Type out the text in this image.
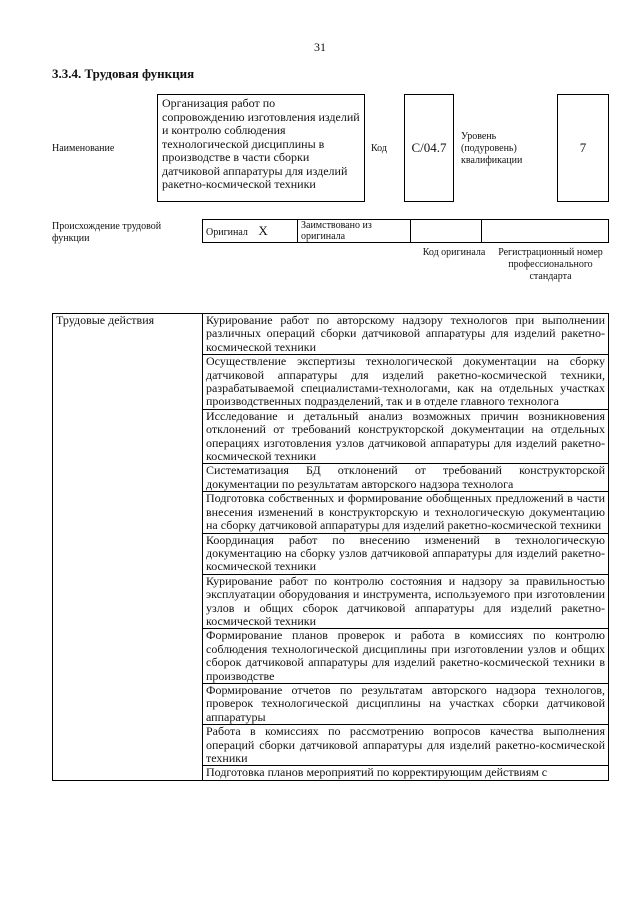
31
3.3.4. Трудовая функция
Наименование
Организация работ по сопровождению изготовления изделий и контролю соблюдения технологической дисциплины в производстве в части сборки датчиковой аппаратуры для изделий ракетно-космической техники
Код С/04.7
Уровень (подуровень) квалификации
7
Происхождение трудовой функции
Оригинал X	Заимствовано из оригинала		
Код оригинала	Регистрационный номер профессионального стандарта
Трудовые действия	Курирование работ по авторскому надзору технологов при выполнении различных операций сборки датчиковой аппаратуры для изделий ракетно-космической техники
Осуществление экспертизы технологической документации на сборку датчиковой аппаратуры для изделий ракетно-космической техники, разрабатываемой специалистами-технологами, как на отдельных участках производственных подразделений, так и в отделе главного технолога
Исследование и детальный анализ возможных причин возникновения отклонений от требований конструкторской документации на отдельных операциях изготовления узлов датчиковой аппаратуры для изделий ракетно-космической техники
Систематизация БД отклонений от требований конструкторской документации по результатам авторского надзора технолога
Подготовка собственных и формирование обобщенных предложений в части внесения изменений в конструкторскую и технологическую документацию на сборку датчиковой аппаратуры для изделий ракетно-космической техники
Координация работ по внесению изменений в технологическую документацию на сборку узлов датчиковой аппаратуры для изделий ракетно-космической техники
Курирование работ по контролю состояния и надзору за правильностью эксплуатации оборудования и инструмента, используемого при изготовлении узлов и общих сборок датчиковой аппаратуры для изделий ракетно-космической техники
Формирование планов проверок и работа в комиссиях по контролю соблюдения технологической дисциплины при изготовлении узлов и общих сборок датчиковой аппаратуры для изделий ракетно-космической техники в производстве
Формирование отчетов по результатам авторского надзора технологов, проверок технологической дисциплины на участках сборки датчиковой аппаратуры
Работа в комиссиях по рассмотрению вопросов качества выполнения операций сборки датчиковой аппаратуры для изделий ракетно-космической техники
Подготовка планов мероприятий по корректирующим действиям с
